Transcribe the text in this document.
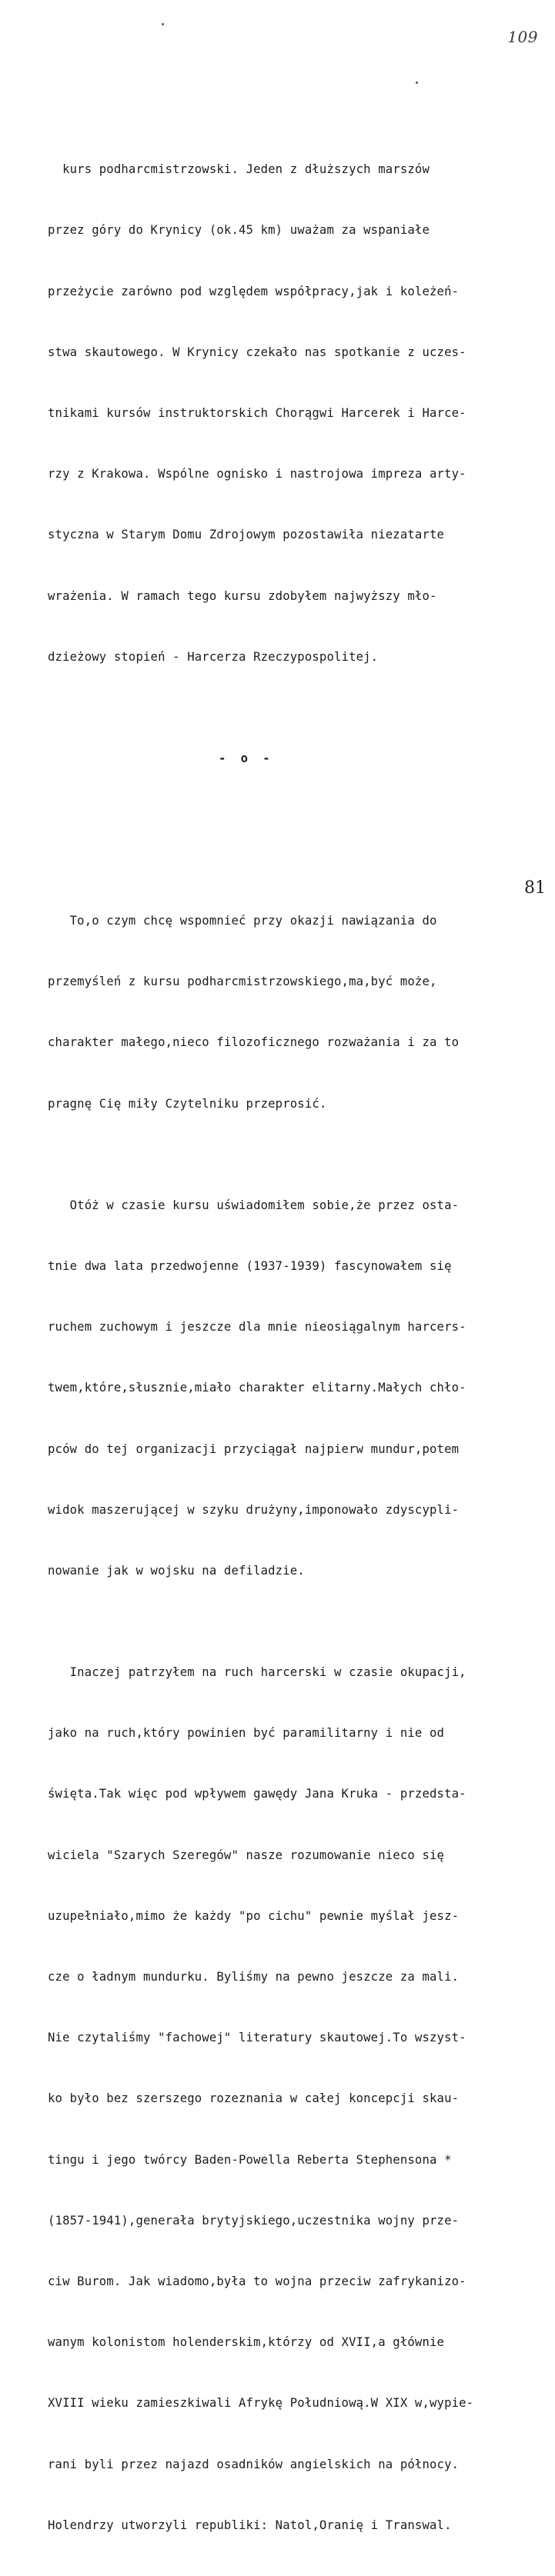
109

kurs podharcmistrzowski. Jeden z dłuższych marszów

przez góry do Krynicy (ok.45 km) uważam za wspaniałe

przeżycie zarówno pod względem współpracy,jak i koleżeń-

stwa skautowego. W Krynicy czekało nas spotkanie z uczes-

tnikami kursów instruktorskich Chorągwi Harcerek i Harce-

rzy z Krakowa. Wspólne ognisko i nastrojowa impreza arty-

styczna w Starym Domu Zdrojowym pozostawiła niezatarte

wrażenia. W ramach tego kursu zdobyłem najwyższy mło-

dzieżowy stopień - Harcerza Rzeczypospolitej.

-  o  -

To,o czym chcę wspomnieć przy okazji nawiązania do

przemyśleń z kursu podharcmistrzowskiego,ma,być może,

charakter małego,nieco filozoficznego rozważania i za to

pragnę Cię miły Czytelniku przeprosić.

Otóż w czasie kursu uświadomiłem sobie,że przez osta-

tnie dwa lata przedwojenne (1937-1939) fascynowałem się

ruchem zuchowym i jeszcze dla mnie nieosiągalnym harcers-

twem,które,słusznie,miało charakter elitarny.Małych chło-

pców do tej organizacji przyciągał najpierw mundur,potem

widok maszerującej w szyku drużyny,imponowało zdyscypli-

nowanie jak w wojsku na defiladzie.

Inaczej patrzyłem na ruch harcerski w czasie okupacji,

jako na ruch,który powinien być paramilitarny i nie od

święta.Tak więc pod wpływem gawędy Jana Kruka - przedsta-

wiciela "Szarych Szeregów" nasze rozumowanie nieco się

uzupełniało,mimo że każdy "po cichu" pewnie myślał jesz-

cze o ładnym mundurku. Byliśmy na pewno jeszcze za mali.

Nie czytaliśmy "fachowej" literatury skautowej.To wszyst-

ko było bez szerszego rozeznania w całej koncepcji skau-

tingu i jego twórcy Baden-Powella Reberta Stephensona *

(1857-1941),generała brytyjskiego,uczestnika wojny prze-

ciw Burom. Jak wiadomo,była to wojna przeciw zafrykanizo-

wanym kolonistom holenderskim,którzy od XVII,a głównie

XVIII wieku zamieszkiwali Afrykę Południową.W XIX w,wypie-

rani byli przez najazd osadników angielskich na północy.

Holendrzy utworzyli republiki: Natol,Oranię i Transwal.

81
